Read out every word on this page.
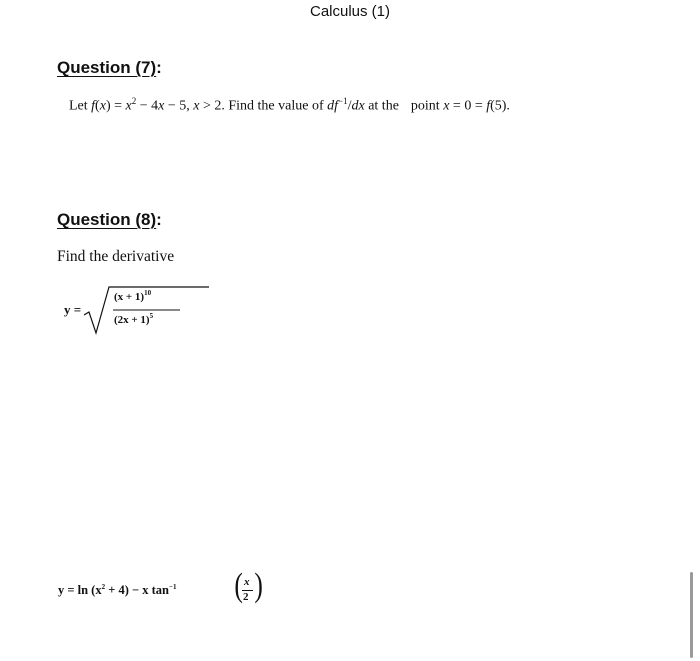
Calculus (1)
Question (7):
Let $f(x) = x^2 - 4x - 5$, x > 2. Find the value of $df^{-1}/dx$ at the point x = 0 = f(5).
Question (8):
Find the derivative
y =
$(x + 1)^{10}$
$(2x + 1)^5$
$y = \ln (x^2 + 4) - x$ $\tan^{-1}$ ( x
2 )
